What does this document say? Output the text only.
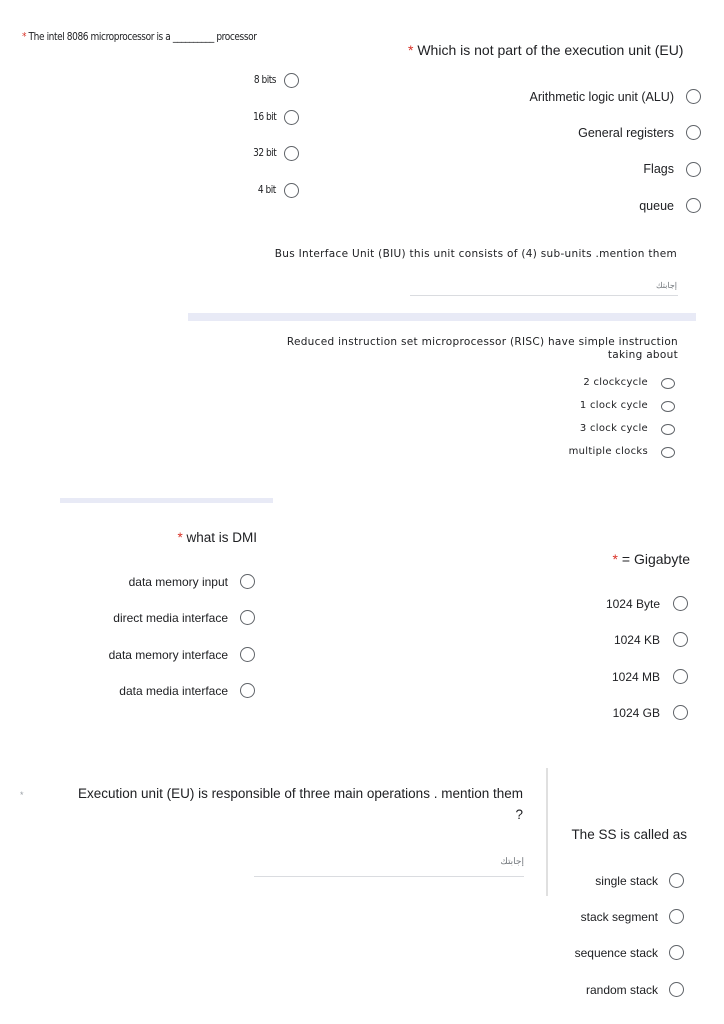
* The intel 8086 microprocessor is a __________ processor
8 bits
16 bit
32 bit
4 bit
* Which is not part of the execution unit (EU)
Arithmetic logic unit (ALU)
General registers
Flags
queue
Bus Interface Unit (BIU) this unit consists of (4) sub-units .mention them
إجابتك
Reduced instruction set microprocessor (RISC) have simple instruction
taking about
2 clockcycle
1 clock cycle
3 clock cycle
multiple clocks
* what is DMI
data memory input
direct media interface
data memory interface
data media interface
* = Gigabyte
1024 Byte
1024 KB
1024 MB
1024 GB
*	Execution unit (EU) is responsible of three main operations . mention them
?
إجابتك
The SS is called as
single stack
stack segment
sequence stack
random stack
